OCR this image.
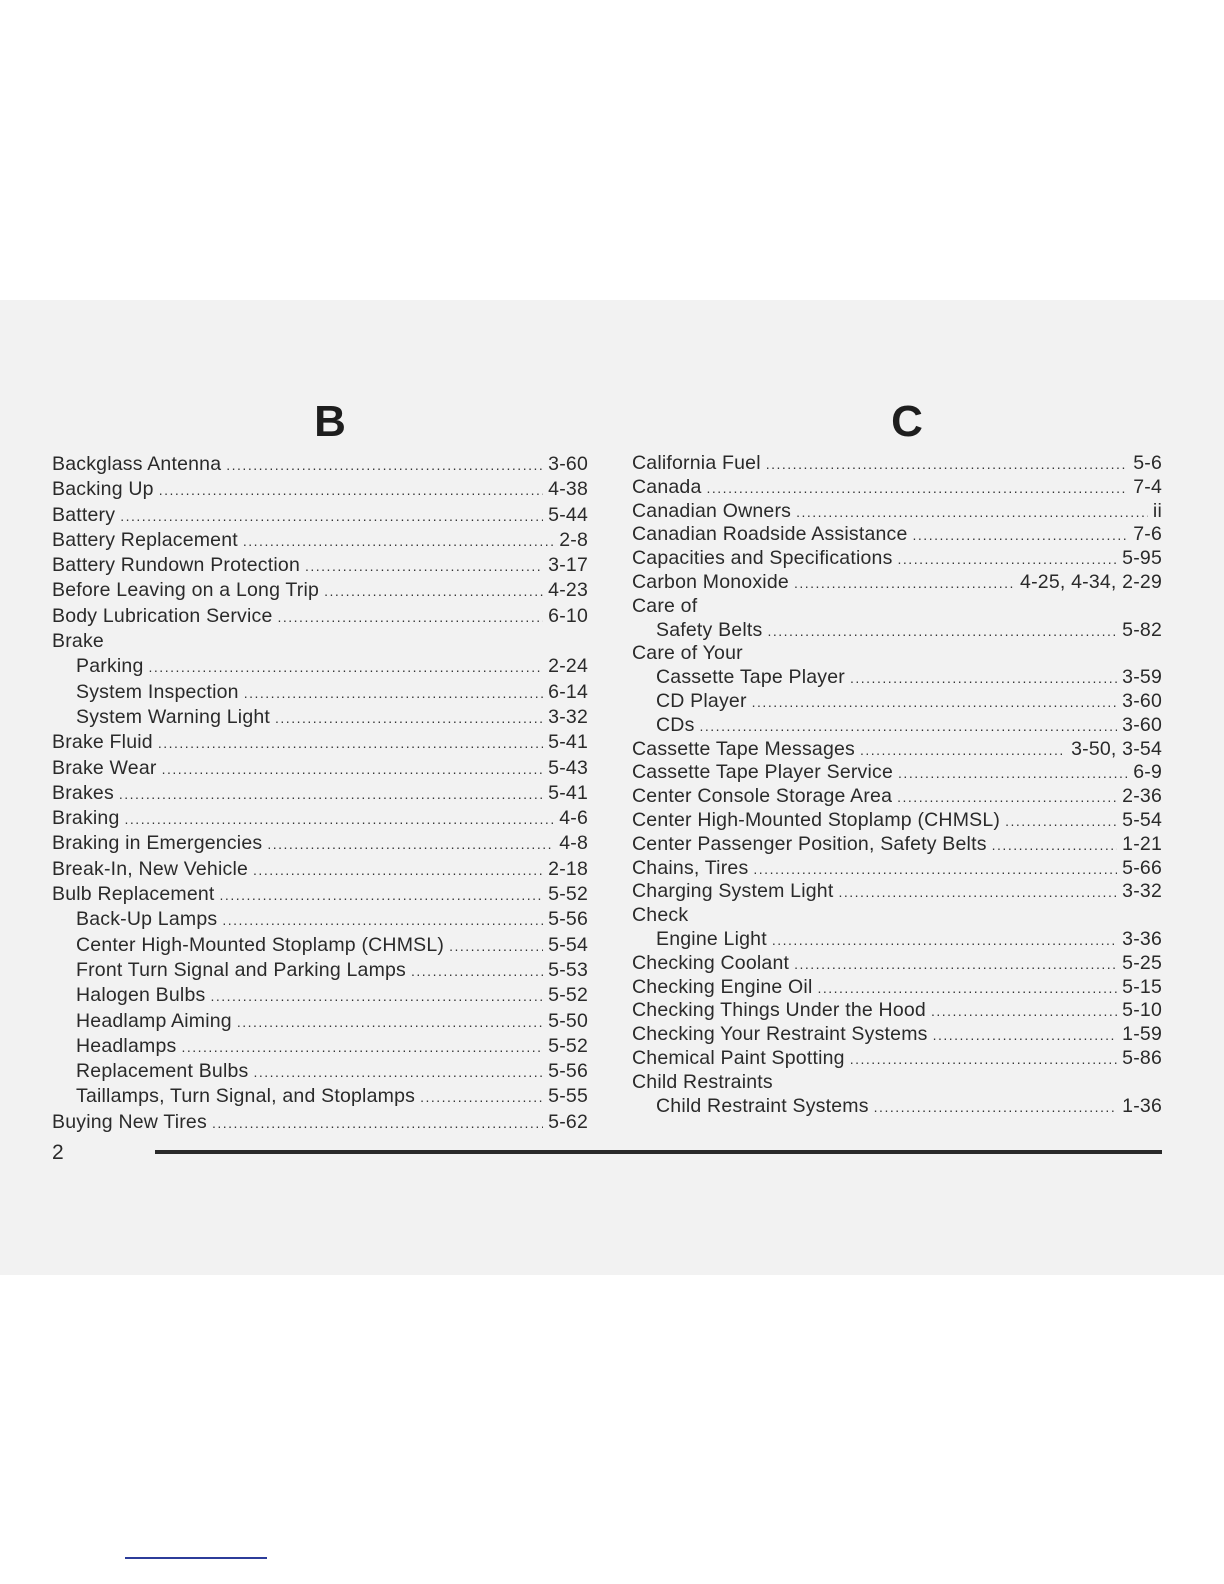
B
Backglass Antenna .....	3-60
Backing Up .....	4-38
Battery .....	5-44
Battery Replacement .....	2-8
Battery Rundown Protection .....	3-17
Before Leaving on a Long Trip .....	4-23
Body Lubrication Service .....	6-10
Brake
Parking .....	2-24
System Inspection .....	6-14
System Warning Light .....	3-32
Brake Fluid .....	5-41
Brake Wear .....	5-43
Brakes .....	5-41
Braking .....	4-6
Braking in Emergencies .....	4-8
Break-In, New Vehicle .....	2-18
Bulb Replacement .....	5-52
Back-Up Lamps .....	5-56
Center High-Mounted Stoplamp (CHMSL) .....	5-54
Front Turn Signal and Parking Lamps .....	5-53
Halogen Bulbs .....	5-52
Headlamp Aiming .....	5-50
Headlamps .....	5-52
Replacement Bulbs .....	5-56
Taillamps, Turn Signal, and Stoplamps .....	5-55
Buying New Tires .....	5-62
C
California Fuel .....	5-6
Canada .....	7-4
Canadian Owners .....	ii
Canadian Roadside Assistance .....	7-6
Capacities and Specifications .....	5-95
Carbon Monoxide .....	4-25, 4-34, 2-29
Care of
Safety Belts .....	5-82
Care of Your
Cassette Tape Player .....	3-59
CD Player .....	3-60
CDs .....	3-60
Cassette Tape Messages .....	3-50, 3-54
Cassette Tape Player Service .....	6-9
Center Console Storage Area .....	2-36
Center High-Mounted Stoplamp (CHMSL) .....	5-54
Center Passenger Position, Safety Belts .....	1-21
Chains, Tires .....	5-66
Charging System Light .....	3-32
Check
Engine Light .....	3-36
Checking Coolant .....	5-25
Checking Engine Oil .....	5-15
Checking Things Under the Hood .....	5-10
Checking Your Restraint Systems .....	1-59
Chemical Paint Spotting .....	5-86
Child Restraints
Child Restraint Systems .....	1-36
2
